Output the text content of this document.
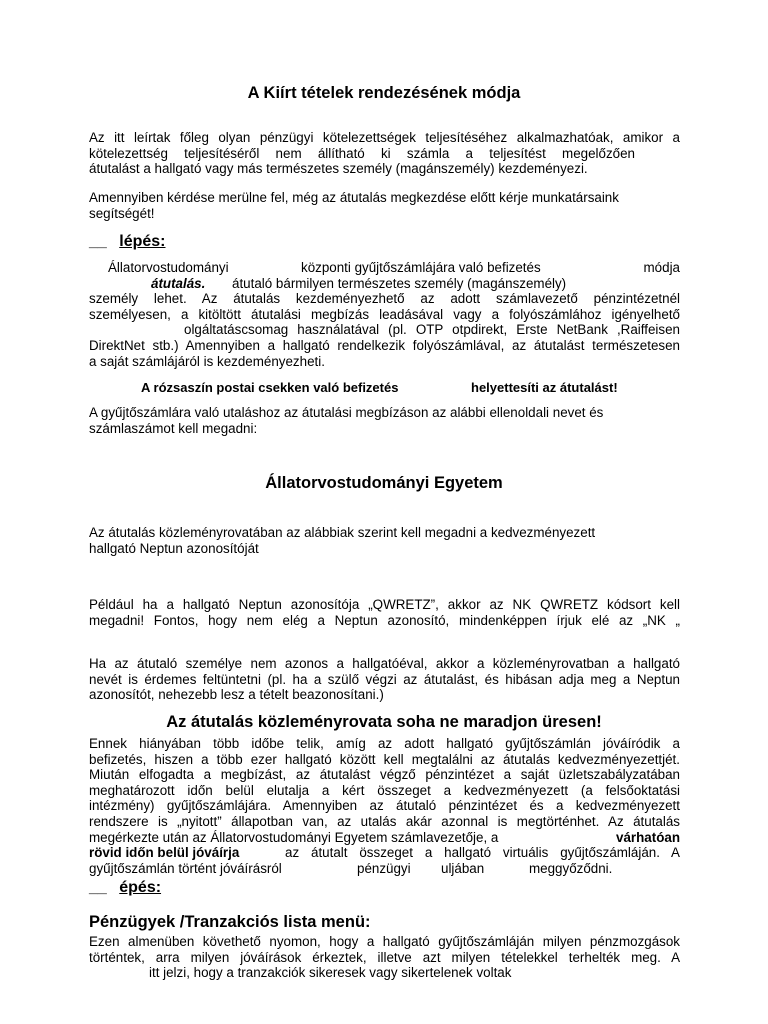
A Kiírt tételek rendezésének módja
Az itt leírtak főleg olyan pénzügyi kötelezettségek teljesítéséhez alkalmazhatóak, amikor a
kötelezettség teljesítéséről nem állítható ki számla a teljesítést megelőzően
átutalást a hallgató vagy más természetes személy (magánszemély) kezdeményezi.
Amennyiben kérdése merülne fel, még az átutalás megkezdése előtt kérje munkatársaink
segítségét!
__ lépés:
Állatorvostudományi	központi gyűjtőszámlájára való befizetés	módja
átutalás. átutaló bármilyen természetes személy (magánszemély)
személy lehet. Az átutalás kezdeményezhető az adott számlavezető pénzintézetnél
személyesen, a kitöltött átutalási megbízás leadásával vagy a folyószámlához igényelhető
olgáltatáscsomag használatával (pl. OTP otpdirekt, Erste NetBank ,Raiffeisen
DirektNet stb.) Amennyiben a hallgató rendelkezik folyószámlával, az átutalást természetesen
a saját számlájáról is kezdeményezheti.
A rózsaszín postai csekken való befizetés	helyettesíti az átutalást!
A gyűjtőszámlára való utaláshoz az átutalási megbízáson az alábbi ellenoldali nevet és
számlaszámot kell megadni:
Állatorvostudományi Egyetem
Az átutalás közleményrovatában az alábbiak szerint kell megadni a kedvezményezett
hallgató Neptun azonosítóját
Például ha a hallgató Neptun azonosítója „QWRETZ”, akkor az NK QWRETZ kódsort kell
megadni! Fontos, hogy nem elég a Neptun azonosító, mindenképpen írjuk elé az „NK „
Ha az átutaló személye nem azonos a hallgatóéval, akkor a közleményrovatban a hallgató
nevét is érdemes feltüntetni (pl. ha a szülő végzi az átutalást, és hibásan adja meg a Neptun
azonosítót, nehezebb lesz a tételt beazonosítani.)
Az átutalás közleményrovata soha ne maradjon üresen!
Ennek hiányában több időbe telik, amíg az adott hallgató gyűjtőszámlán jóváíródik a
befizetés, hiszen a több ezer hallgató között kell megtalálni az átutalás kedvezményezettjét.
Miután elfogadta a megbízást, az átutalást végző pénzintézet a saját üzletszabályzatában
meghatározott időn belül elutalja a kért összeget a kedvezményezett (a felsőoktatási
intézmény) gyűjtőszámlájára. Amennyiben az átutaló pénzintézet és a kedvezményezett
rendszere is „nyitott” állapotban van, az utalás akár azonnal is megtörténhet. Az átutalás
megérkezte után az Állatorvostudományi Egyetem számlavezetője, a	várhatóan
rövid időn belül jóváírja	az átutalt összeget a hallgató virtuális gyűjtőszámláján. A
gyűjtőszámlán történt jóváírásról	pénzügyi uljában	meggyőződni.
__ épés:
Pénzügyek /Tranzakciós lista menü:
Ezen almenüben követhető nyomon, hogy a hallgató gyűjtőszámláján milyen pénzmozgások
történtek, arra milyen jóváírások érkeztek, illetve azt milyen tételekkel terhelték meg. A
itt jelzi, hogy a tranzakciók sikeresek vagy sikertelenek voltak
